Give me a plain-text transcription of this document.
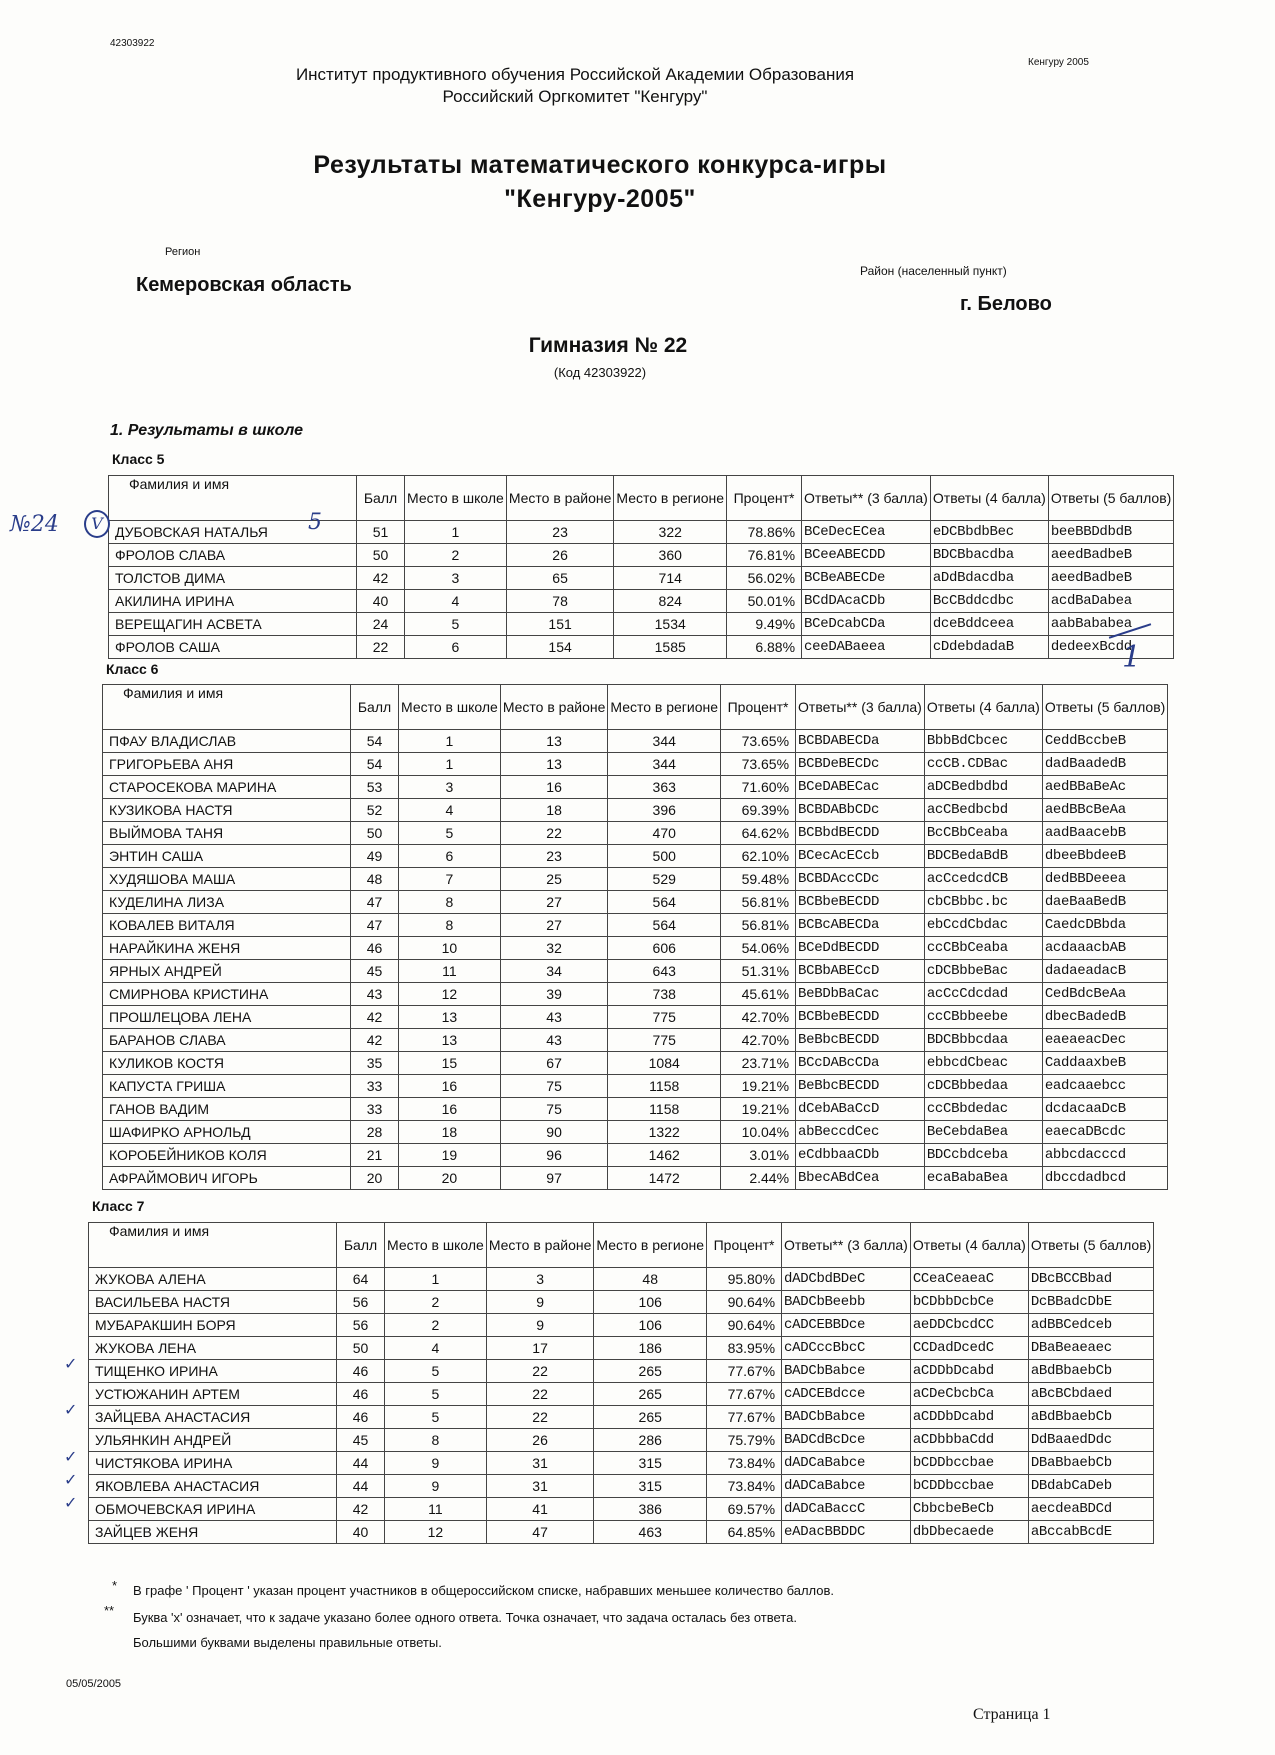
42303922
Кенгуру 2005
Институт продуктивного обучения Российской Академии Образования
Российский Оргкомитет "Кенгуру"
Результаты математического конкурса-игры
"Кенгуру-2005"
Регион
Кемеровская область
Район (населенный пункт)
г. Белово
Гимназия № 22
(Код 42303922)
1. Результаты в школе
Класс 5
Фамилия и имя	Балл	Место в школе	Место в районе	Место в регионе	Процент*	Ответы** (3 балла)	Ответы (4 балла)	Ответы (5 баллов)
ДУБОВСКАЯ НАТАЛЬЯ	51	1	23	322	78.86%	BCeDecECea	eDCBbdbBec	beeBBDdbdB
ФРОЛОВ СЛАВА	50	2	26	360	76.81%	BCeeABECDD	BDCBbacdba	aeedBadbeB
ТОЛСТОВ ДИМА	42	3	65	714	56.02%	BCBeABECDe	aDdBdacdba	aeedBadbeB
АКИЛИНА ИРИНА	40	4	78	824	50.01%	BCdDAcaCDb	BcCBddcdbc	acdBaDabea
ВЕРЕЩАГИН АСВЕТА	24	5	151	1534	9.49%	BCeDcabCDa	dceBddceea	aabBababea
ФРОЛОВ САША	22	6	154	1585	6.88%	ceeDABaeea	cDdebdadaB	dedeexBcdd
Класс 6
Фамилия и имя	Балл	Место в школе	Место в районе	Место в регионе	Процент*	Ответы** (3 балла)	Ответы (4 балла)	Ответы (5 баллов)
ПФАУ ВЛАДИСЛАВ	54	1	13	344	73.65%	BCBDABECDa	BbbBdCbcec	CeddBccbeB
ГРИГОРЬЕВА АНЯ	54	1	13	344	73.65%	BCBDeBECDc	ccCB.CDBac	dadBaadedB
СТАРОСЕКОВА МАРИНА	53	3	16	363	71.60%	BCeDABECac	aDCBedbdbd	aedBBaBeAc
КУЗИКОВА НАСТЯ	52	4	18	396	69.39%	BCBDABbCDc	acCBedbcbd	aedBBcBeAa
ВЫЙМОВА ТАНЯ	50	5	22	470	64.62%	BCBbdBECDD	BcCBbCeaba	aadBaacebB
ЭНТИН САША	49	6	23	500	62.10%	BCecAcECcb	BDCBedaBdB	dbeeBbdeeB
ХУДЯШОВА МАША	48	7	25	529	59.48%	BCBDAccCDc	acCcedcdCB	dedBBDeeea
КУДЕЛИНА ЛИЗА	47	8	27	564	56.81%	BCBbeBECDD	cbCBbbc.bc	daeBaaBedB
КОВАЛЕВ ВИТАЛЯ	47	8	27	564	56.81%	BCBcABECDa	ebCcdCbdac	CaedcDBbda
НАРАЙКИНА ЖЕНЯ	46	10	32	606	54.06%	BCeDdBECDD	ccCBbCeaba	acdaaacbAB
ЯРНЫХ АНДРЕЙ	45	11	34	643	51.31%	BCBbABECcD	cDCBbbeBac	dadaeadacB
СМИРНОВА КРИСТИНА	43	12	39	738	45.61%	BeBDbBaCac	acCcCdcdad	CedBdcBeAa
ПРОШЛЕЦОВА ЛЕНА	42	13	43	775	42.70%	BCBbeBECDD	ccCBbbeebe	dbecBadedB
БАРАНОВ СЛАВА	42	13	43	775	42.70%	BeBbcBECDD	BDCBbbcdaa	eaeaeacDec
КУЛИКОВ КОСТЯ	35	15	67	1084	23.71%	BCcDABcCDa	ebbcdCbeac	CaddaaxbeB
КАПУСТА ГРИША	33	16	75	1158	19.21%	BeBbcBECDD	cDCBbbedaa	eadcaaebcc
ГАНОВ ВАДИМ	33	16	75	1158	19.21%	dCebABaCcD	ccCBbdedac	dcdacaaDcB
ШАФИРКО АРНОЛЬД	28	18	90	1322	10.04%	abBeccdCec	BeCebdaBea	eaecaDBcdc
КОРОБЕЙНИКОВ КОЛЯ	21	19	96	1462	3.01%	eCdbbaaCDb	BDCcbdceba	abbcdacccd
АФРАЙМОВИЧ ИГОРЬ	20	20	97	1472	2.44%	BbecABdCea	ecaBabaBea	dbccdadbcd
Класс 7
Фамилия и имя	Балл	Место в школе	Место в районе	Место в регионе	Процент*	Ответы** (3 балла)	Ответы (4 балла)	Ответы (5 баллов)
ЖУКОВА АЛЕНА	64	1	3	48	95.80%	dADCbdBDeC	CCeaCeaeaC	DBcBCCBbad
ВАСИЛЬЕВА НАСТЯ	56	2	9	106	90.64%	BADCbBeebb	bCDbbDcbCe	DcBBadcDbE
МУБАРАКШИН БОРЯ	56	2	9	106	90.64%	cADCEBBDce	aeDDCbcdCC	adBBCedceb
ЖУКОВА ЛЕНА	50	4	17	186	83.95%	cADCccBbcC	CCDadDcedC	DBaBeaeaec
ТИЩЕНКО ИРИНА	46	5	22	265	77.67%	BADCbBabce	aCDDbDcabd	aBdBbaebCb
УСТЮЖАНИН АРТЕМ	46	5	22	265	77.67%	cADCEBdcce	aCDeCbcbCa	aBcBCbdaed
ЗАЙЦЕВА АНАСТАСИЯ	46	5	22	265	77.67%	BADCbBabce	aCDDbDcabd	aBdBbaebCb
УЛЬЯНКИН АНДРЕЙ	45	8	26	286	75.79%	BADCdBcDce	aCDbbbaCdd	DdBaaedDdc
ЧИСТЯКОВА ИРИНА	44	9	31	315	73.84%	dADCaBabce	bCDDbccbae	DBaBbaebCb
ЯКОВЛЕВА АНАСТАСИЯ	44	9	31	315	73.84%	dADCaBabce	bCDDbccbae	DBdabCaDeb
ОБМОЧЕВСКАЯ ИРИНА	42	11	41	386	69.57%	dADCaBaccC	CbbcbeBeCb	aecdeaBDCd
ЗАЙЦЕВ ЖЕНЯ	40	12	47	463	64.85%	eADacBBDDC	dbDbecaede	aBccabBcdE
* В графе ' Процент ' указан процент участников в общероссийском списке, набравших меньшее количество баллов.
** Буква 'x' означает, что к задаче указано более одного ответа. Точка означает, что задача осталась без ответа.
Большими буквами выделены правильные ответы.
05/05/2005
Страница 1
№24	V	5
1
✓
✓
✓
✓
✓
